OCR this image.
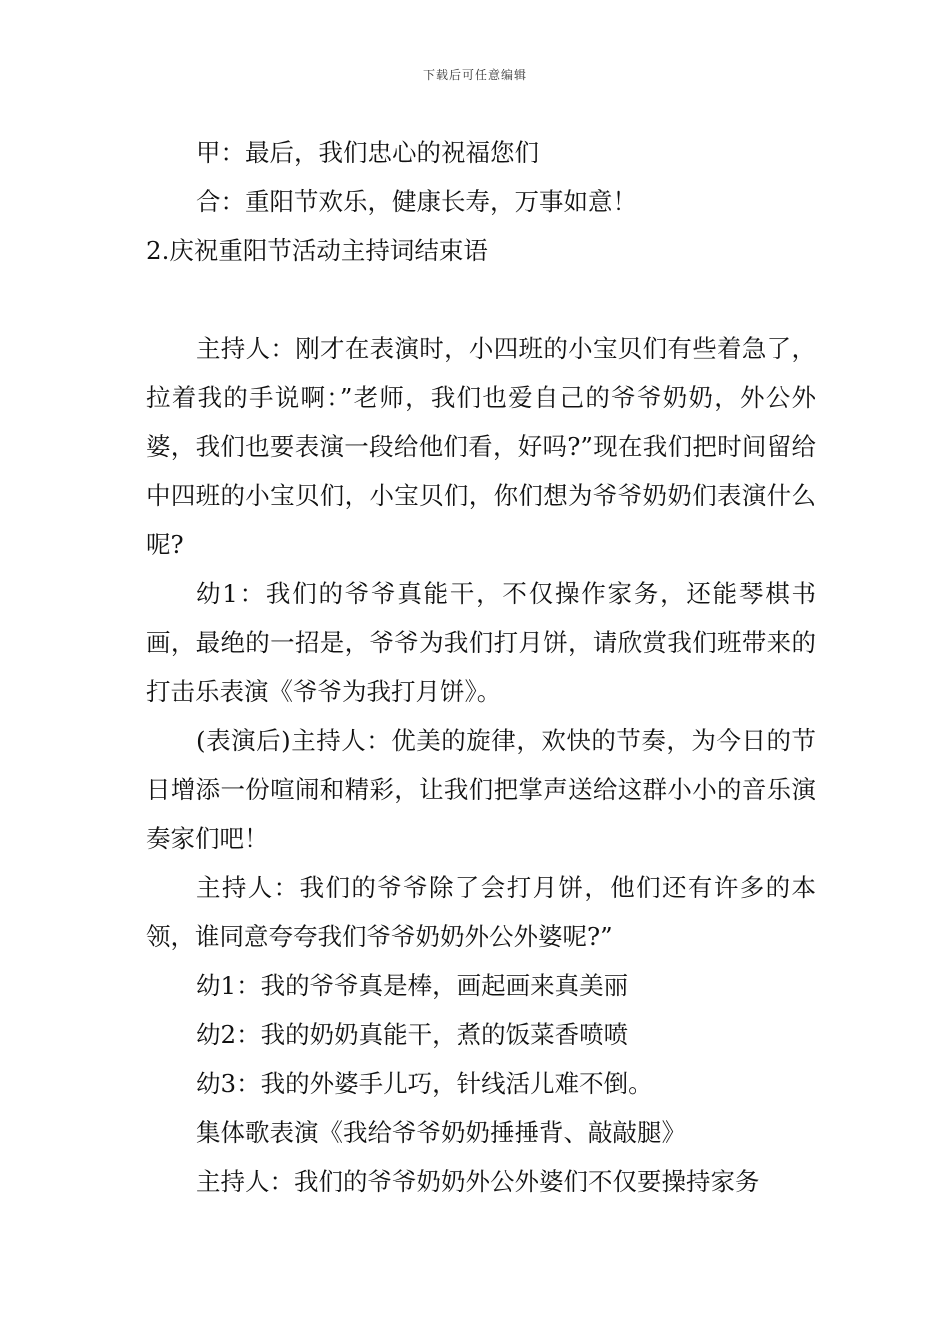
下载后可任意编辑

甲：最后，我们忠心的祝福您们

合：重阳节欢乐，健康长寿，万事如意！

2.庆祝重阳节活动主持词结束语

主持人：刚才在表演时，小四班的小宝贝们有些着急了，拉着我的手说啊：”老师，我们也爱自己的爷爷奶奶，外公外婆，我们也要表演一段给他们看，好吗?”现在我们把时间留给中四班的小宝贝们，小宝贝们，你们想为爷爷奶奶们表演什么呢?

幼1：我们的爷爷真能干，不仅操作家务，还能琴棋书画，最绝的一招是，爷爷为我们打月饼，请欣赏我们班带来的打击乐表演《爷爷为我打月饼》。

(表演后)主持人：优美的旋律，欢快的节奏，为今日的节日增添一份喧闹和精彩，让我们把掌声送给这群小小的音乐演奏家们吧！

主持人：我们的爷爷除了会打月饼，他们还有许多的本领，谁同意夸夸我们爷爷奶奶外公外婆呢?”

幼1：我的爷爷真是棒，画起画来真美丽

幼2：我的奶奶真能干，煮的饭菜香喷喷

幼3：我的外婆手儿巧，针线活儿难不倒。

集体歌表演《我给爷爷奶奶捶捶背、敲敲腿》

主持人：我们的爷爷奶奶外公外婆们不仅要操持家务
